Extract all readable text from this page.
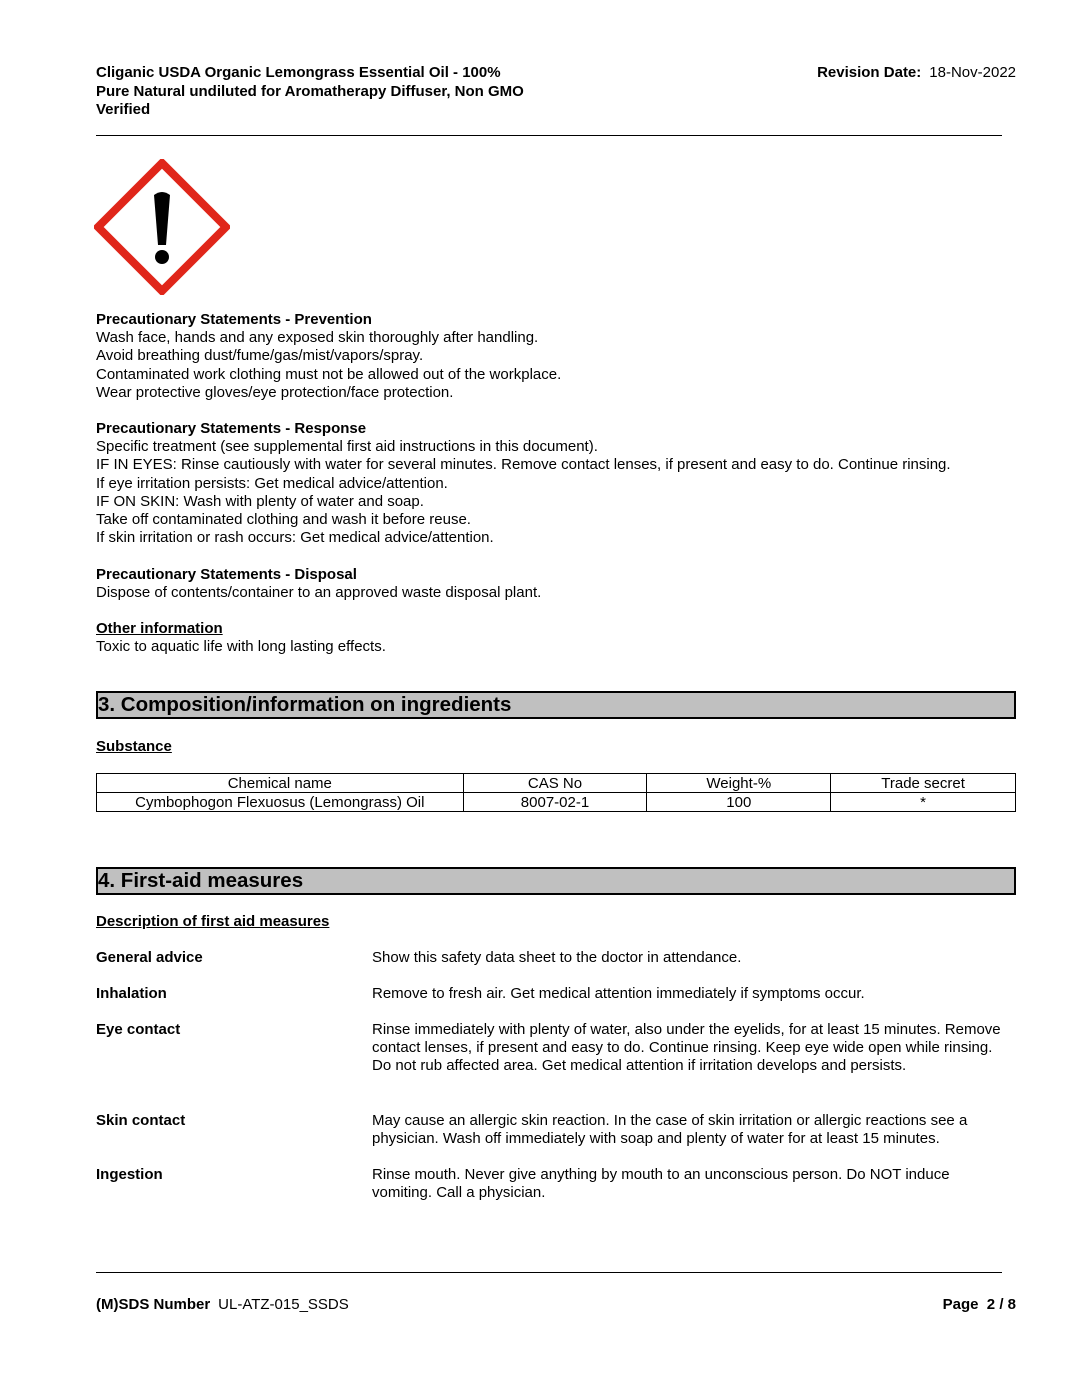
Cliganic USDA Organic Lemongrass Essential Oil - 100%
Pure Natural undiluted for Aromatherapy Diffuser, Non GMO
Verified
Revision Date: 18-Nov-2022

Precautionary Statements - Prevention

Wash face, hands and any exposed skin thoroughly after handling.

Avoid breathing dust/fume/gas/mist/vapors/spray.

Contaminated work clothing must not be allowed out of the workplace.

Wear protective gloves/eye protection/face protection.

Precautionary Statements - Response

Specific treatment (see supplemental first aid instructions in this document).

IF IN EYES: Rinse cautiously with water for several minutes. Remove contact lenses, if present and easy to do. Continue rinsing.

If eye irritation persists: Get medical advice/attention.

IF ON SKIN: Wash with plenty of water and soap.

Take off contaminated clothing and wash it before reuse.

If skin irritation or rash occurs: Get medical advice/attention.

Precautionary Statements - Disposal

Dispose of contents/container to an approved waste disposal plant.

Other information

Toxic to aquatic life with long lasting effects.

3. Composition/information on ingredients
Substance
Chemical name	CAS No	Weight-%	Trade secret
Cymbophogon Flexuosus (Lemongrass) Oil	8007-02-1	100	*
4. First-aid measures
Description of first aid measures
General advice	Show this safety data sheet to the doctor in attendance.
Inhalation	Remove to fresh air. Get medical attention immediately if symptoms occur.
Eye contact	Rinse immediately with plenty of water, also under the eyelids, for at least 15 minutes. Remove contact lenses, if present and easy to do. Continue rinsing. Keep eye wide open while rinsing. Do not rub affected area. Get medical attention if irritation develops and persists.
Skin contact	May cause an allergic skin reaction. In the case of skin irritation or allergic reactions see a physician. Wash off immediately with soap and plenty of water for at least 15 minutes.
Ingestion	Rinse mouth. Never give anything by mouth to an unconscious person. Do NOT induce vomiting. Call a physician.
(M)SDS Number UL-ATZ-015_SSDS	Page  2 / 8
